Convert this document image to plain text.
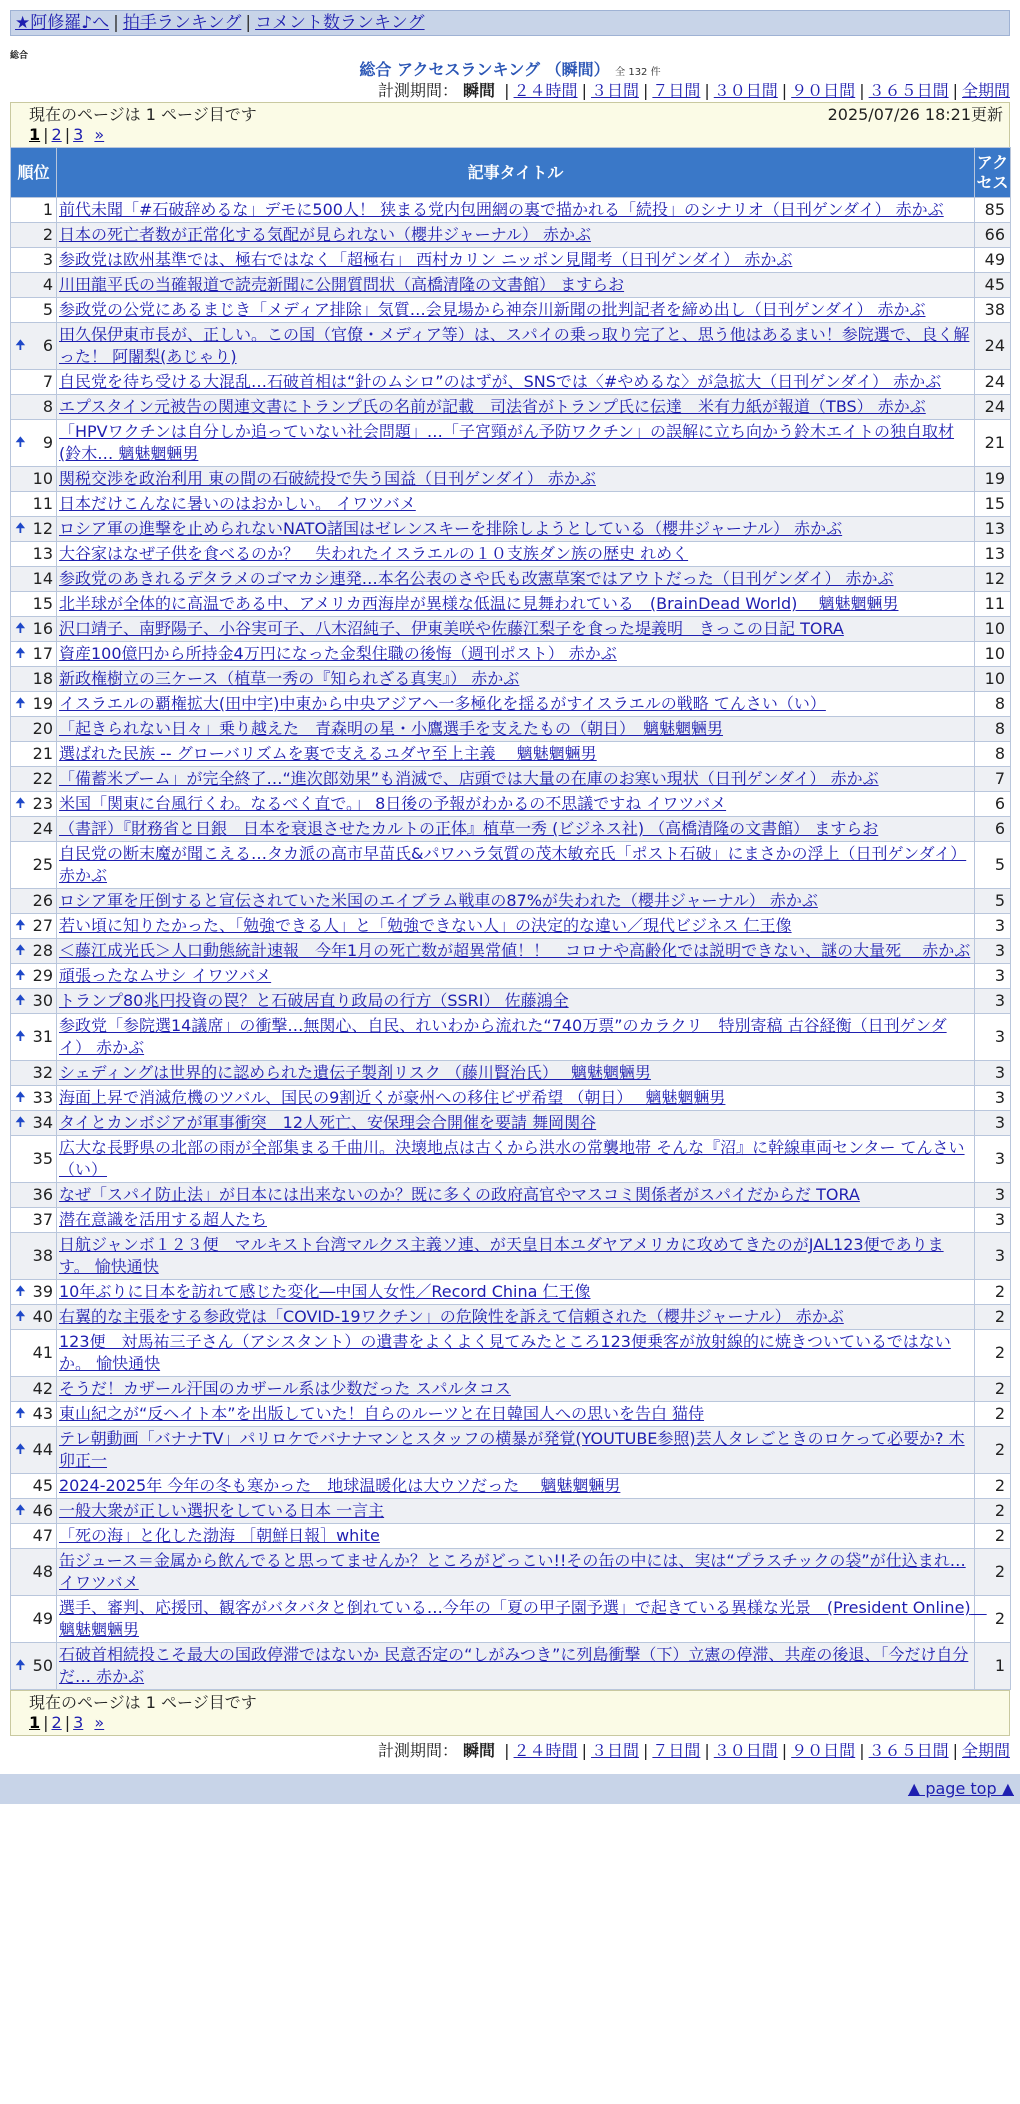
★阿修羅♪へ | 拍手ランキング | コメント数ランキング
総合
総合 アクセスランキング （瞬間） 全 132 件
計測期間： 瞬間 | ２４時間 | ３日間 | ７日間 | ３０日間 | ９０日間 | ３６５日間 | 全期間
現在のページは 1 ページ目です	2025/07/26 18:21更新
1 | 2 | 3 »
順位	記事タイトル	アクセス
1	前代未聞「#石破辞めるな」デモに500人！ 狭まる党内包囲網の裏で描かれる「続投」のシナリオ（日刊ゲンダイ） 赤かぶ	85
2	日本の死亡者数が正常化する気配が見られない（櫻井ジャーナル） 赤かぶ	66
3	参政党は欧州基準では、極右ではなく「超極右」 西村カリン ニッポン見聞考（日刊ゲンダイ） 赤かぶ	49
4	川田龍平氏の当確報道で読売新聞に公開質問状（高橋清隆の文書館） ますらお	45
5	参政党の公党にあるまじき「メディア排除」気質…会見場から神奈川新聞の批判記者を締め出し（日刊ゲンダイ） 赤かぶ	38

🠉 6	田久保伊東市長が、正しい。この国（官僚・メディア等）は、スパイの乗っ取り完了と、思う他はあるまい！参院選で、良く解った！ 阿闍梨(あじゃり)	24
7	自民党を待ち受ける大混乱…石破首相は“針のムシロ”のはずが、SNSでは〈#やめるな〉が急拡大（日刊ゲンダイ） 赤かぶ	24
8	エプスタイン元被告の関連文書にトランプ氏の名前が記載　司法省がトランプ氏に伝達　米有力紙が報道（TBS） 赤かぶ	24

🠉 9	「HPVワクチンは自分しか追っていない社会問題」…「子宮頸がん予防ワクチン」の誤解に立ち向かう鈴木エイトの独自取材(鈴木… 魑魅魍魎男	21
10	関税交渉を政治利用 東の間の石破続投で失う国益（日刊ゲンダイ） 赤かぶ	19
11	日本だけこんなに暑いのはおかしい。 イワツバメ	15

🠉 12	ロシア軍の進撃を止められないNATO諸国はゼレンスキーを排除しようとしている（櫻井ジャーナル） 赤かぶ	13
13	大谷家はなぜ子供を食べるのか？　失われたイスラエルの１０支族ダン族の歴史 れめく	13
14	参政党のあきれるデタラメのゴマカシ連発…本名公表のさや氏も改憲草案ではアウトだった（日刊ゲンダイ） 赤かぶ	12
15	北半球が全体的に高温である中、アメリカ西海岸が異様な低温に見舞われている　(BrainDead World)　 魑魅魍魎男	11

🠉 16	沢口靖子、南野陽子、小谷実可子、八木沼純子、伊東美咲や佐藤江梨子を食った堤義明　きっこの日記 TORA	10

🠉 17	資産100億円から所持金4万円になった金梨住職の後悔（週刊ポスト） 赤かぶ	10
18	新政権樹立の三ケース（植草一秀の『知られざる真実』） 赤かぶ	10

🠉 19	イスラエルの覇権拡大(田中宇)中東から中央アジアへ一多極化を揺るがすイスラエルの戦略 てんさい（い）	8
20	「起きられない日々」乗り越えた　青森明の星・小鷹選手を支えたもの（朝日）　魑魅魍魎男	8
21	選ばれた民族 -- グローバリズムを裏で支えるユダヤ至上主義　 魑魅魍魎男	8
22	「備蓄米ブーム」が完全終了…“進次郎効果”も消滅で、店頭では大量の在庫のお寒い現状（日刊ゲンダイ） 赤かぶ	7

🠉 23	米国「関東に台風行くわ。なるべく直で。」 8日後の予報がわかるの不思議ですね イワツバメ	6
24	（書評）『財務省と日銀　日本を衰退させたカルトの正体』植草一秀 (ビジネス社) （高橋清隆の文書館） ますらお	6
25	自民党の断末魔が聞こえる…タカ派の高市早苗氏&パワハラ気質の茂木敏充氏「ポスト石破」にまさかの浮上（日刊ゲンダイ） 赤かぶ	5
26	ロシア軍を圧倒すると宣伝されていた米国のエイブラム戦車の87%が失われた（櫻井ジャーナル） 赤かぶ	5

🠉 27	若い頃に知りたかった、「勉強できる人」と「勉強できない人」の決定的な違い／現代ビジネス 仁王像	3

🠉 28	＜藤江成光氏＞人口動態統計速報　今年1月の死亡数が超異常値！！　コロナや高齢化では説明できない、謎の大量死　 赤かぶ	3

🠉 29	頑張ったなムサシ イワツバメ	3

🠉 30	トランプ80兆円投資の罠？と石破居直り政局の行方（SSRI） 佐藤鴻全	3

🠉 31	参政党「参院選14議席」の衝撃…無関心、自民、れいわから流れた“740万票”のカラクリ　特別寄稿 古谷経衡（日刊ゲンダイ） 赤かぶ	3
32	シェディングは世界的に認められた遺伝子製剤リスク （藤川賢治氏）　 魑魅魍魎男	3

🠉 33	海面上昇で消滅危機のツバル、国民の9割近くが豪州への移住ビザ希望 （朝日）　 魑魅魍魎男	3

🠉 34	タイとカンボジアが軍事衝突　12人死亡、安保理会合開催を要請 舞岡関谷	3
35	広大な長野県の北部の雨が全部集まる千曲川。決壊地点は古くから洪水の常襲地帯 そんな『沼』に幹線車両センター てんさい（い）	3
36	なぜ「スパイ防止法」が日本には出来ないのか？既に多くの政府高官やマスコミ関係者がスパイだからだ TORA	3
37	潜在意識を活用する超人たち	3
38	日航ジャンボ１２３便　マルキスト台湾マルクス主義ソ連、が天皇日本ユダヤアメリカに攻めてきたのがJAL123便であります。 愉快通快	3

🠉 39	10年ぶりに日本を訪れて感じた変化―中国人女性／Record China 仁王像	2

🠉 40	右翼的な主張をする参政党は「COVID-19ワクチン」の危険性を訴えて信頼された（櫻井ジャーナル） 赤かぶ	2
41	123便　対馬祐三子さん（アシスタント）の遺書をよくよく見てみたところ123便乗客が放射線的に焼きついているではないか。 愉快通快	2
42	そうだ！カザール汗国のカザール系は少数だった スパルタコス	2

🠉 43	東山紀之が“反ヘイト本”を出版していた！自らのルーツと在日韓国人への思いを告白 猫侍	2

🠉 44	テレ朝動画「バナナTV」パリロケでバナナマンとスタッフの横暴が発覚(YOUTUBE参照)芸人タレごときのロケって必要か? 木卯正一	2
45	2024-2025年 今年の冬も寒かった　地球温暖化は大ウソだった　 魑魅魍魎男	2

🠉 46	一般大衆が正しい選択をしている日本 一言主	2
47	「死の海」と化した渤海 ［朝鮮日報］white	2
48	缶ジュース＝金属から飲んでると思ってませんか？ところがどっこい!!その缶の中には、実は“プラスチックの袋”が仕込まれ… イワツバメ	2
49	選手、審判、応援団、観客がバタバタと倒れている…今年の「夏の甲子園予選」で起きている異様な光景　(President Online)　魑魅魍魎男	2

🠉 50	石破首相続投こそ最大の国政停滞ではないか 民意否定の“しがみつき”に列島衝撃（下）立憲の停滞、共産の後退、「今だけ自分だ… 赤かぶ	1
現在のページは 1 ページ目です
1 | 2 | 3 »
計測期間： 瞬間 | ２４時間 | ３日間 | ７日間 | ３０日間 | ９０日間 | ３６５日間 | 全期間
▲ page top ▲
